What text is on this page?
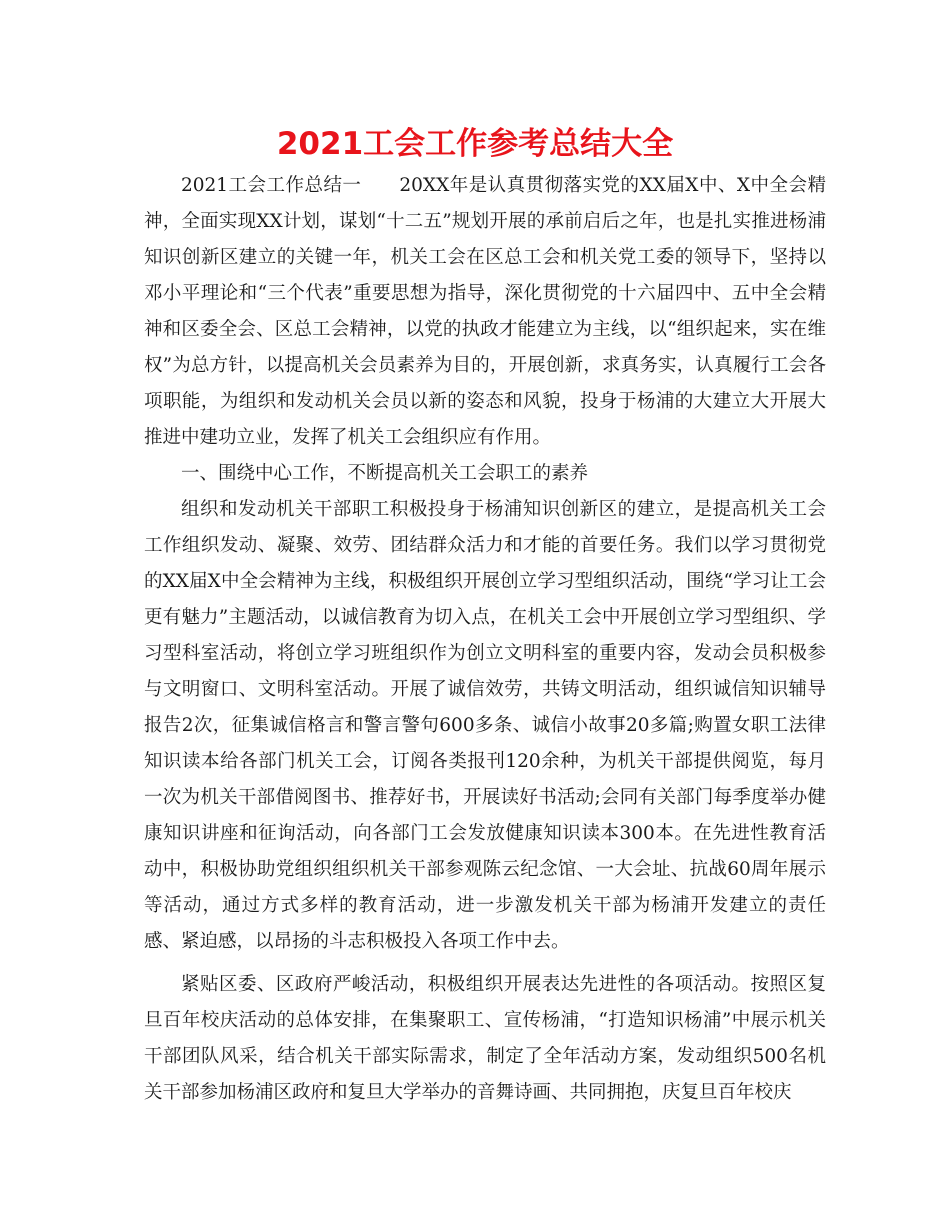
2021工会工作参考总结大全

2021工会工作总结一　　20XX年是认真贯彻落实党的XX届X中、X中全会精神，全面实现XX计划，谋划“十二五”规划开展的承前启后之年，也是扎实推进杨浦知识创新区建立的关键一年，机关工会在区总工会和机关党工委的领导下，坚持以邓小平理论和“三个代表”重要思想为指导，深化贯彻党的十六届四中、五中全会精神和区委全会、区总工会精神，以党的执政才能建立为主线，以“组织起来，实在维权”为总方针，以提高机关会员素养为目的，开展创新，求真务实，认真履行工会各项职能，为组织和发动机关会员以新的姿态和风貌，投身于杨浦的大建立大开展大推进中建功立业，发挥了机关工会组织应有作用。

一、围绕中心工作，不断提高机关工会职工的素养

组织和发动机关干部职工积极投身于杨浦知识创新区的建立，是提高机关工会工作组织发动、凝聚、效劳、团结群众活力和才能的首要任务。我们以学习贯彻党的XX届X中全会精神为主线，积极组织开展创立学习型组织活动，围绕“学习让工会更有魅力”主题活动，以诚信教育为切入点，在机关工会中开展创立学习型组织、学习型科室活动，将创立学习班组织作为创立文明科室的重要内容，发动会员积极参与文明窗口、文明科室活动。开展了诚信效劳，共铸文明活动，组织诚信知识辅导报告2次，征集诚信格言和警言警句600多条、诚信小故事20多篇;购置女职工法律知识读本给各部门机关工会，订阅各类报刊120余种，为机关干部提供阅览，每月一次为机关干部借阅图书、推荐好书，开展读好书活动;会同有关部门每季度举办健康知识讲座和征询活动，向各部门工会发放健康知识读本300本。在先进性教育活动中，积极协助党组织组织机关干部参观陈云纪念馆、一大会址、抗战60周年展示等活动，通过方式多样的教育活动，进一步激发机关干部为杨浦开发建立的责任感、紧迫感，以昂扬的斗志积极投入各项工作中去。

紧贴区委、区政府严峻活动，积极组织开展表达先进性的各项活动。按照区复旦百年校庆活动的总体安排，在集聚职工、宣传杨浦，“打造知识杨浦”中展示机关干部团队风采，结合机关干部实际需求，制定了全年活动方案，发动组织500名机关干部参加杨浦区政府和复旦大学举办的音舞诗画、共同拥抱，庆复旦百年校庆
